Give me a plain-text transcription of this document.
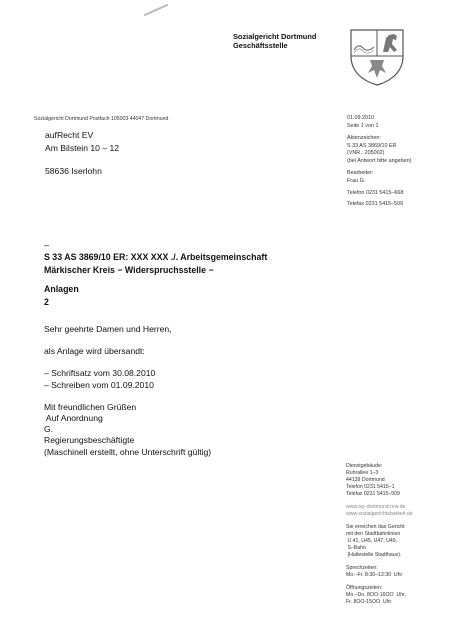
Sozialgericht Dortmund
Geschäftsstelle
Sozialgericht Dortmund Postfach 105003 44047 Dortmund
aufRecht EV
Am Bilstein 10 – 12
58636 Iserlohn
01.09.2010
Seite 1 von 1
Aktenzeichen:
S 33 AS 3869/10 ER
(VNR.: 205002)
(bei Antwort bitte angeben)
Bearbeiter:
Frau G.
Telefon 0231 5415–668
Telefax 0231 5415–509
–
S 33 AS 3869/10 ER: XXX XXX ./. Arbeitsgemeinschaft
Märkischer Kreis − Widerspruchsstelle −
Anlagen
2
Sehr geehrte Damen und Herren,
als Anlage wird übersandt:
– Schriftsatz vom 30.08.2010
– Schreiben vom 01.09.2010
Mit freundlichen Grüßen
Auf Anordnung
G.
Regierungsbeschäftigte
(Maschinell erstellt, ohne Unterschrift gültig)
Dienstgebäude:
Ruhrallee 1–3
44139 Dortmund
Telefon 0231 5415–1
Telefax 0231 5415–509
www.sg–dortmund.nrw.de
www.sozialgerichtsbarkeit.de
Sie erreichen das Gericht
mit den Stadtbahnlinien
U 41, U45, U47, U49,
S–Bahn
(Haltestelle Stadthaus).
Sprechzeiten:
Mo.–Fr. 8:30–13:30  Uhr
Öffnungszeiten:
Mo.–Do. 8OO-16OO  Uhr,
Fr. 8OO-15OO  Uhr
